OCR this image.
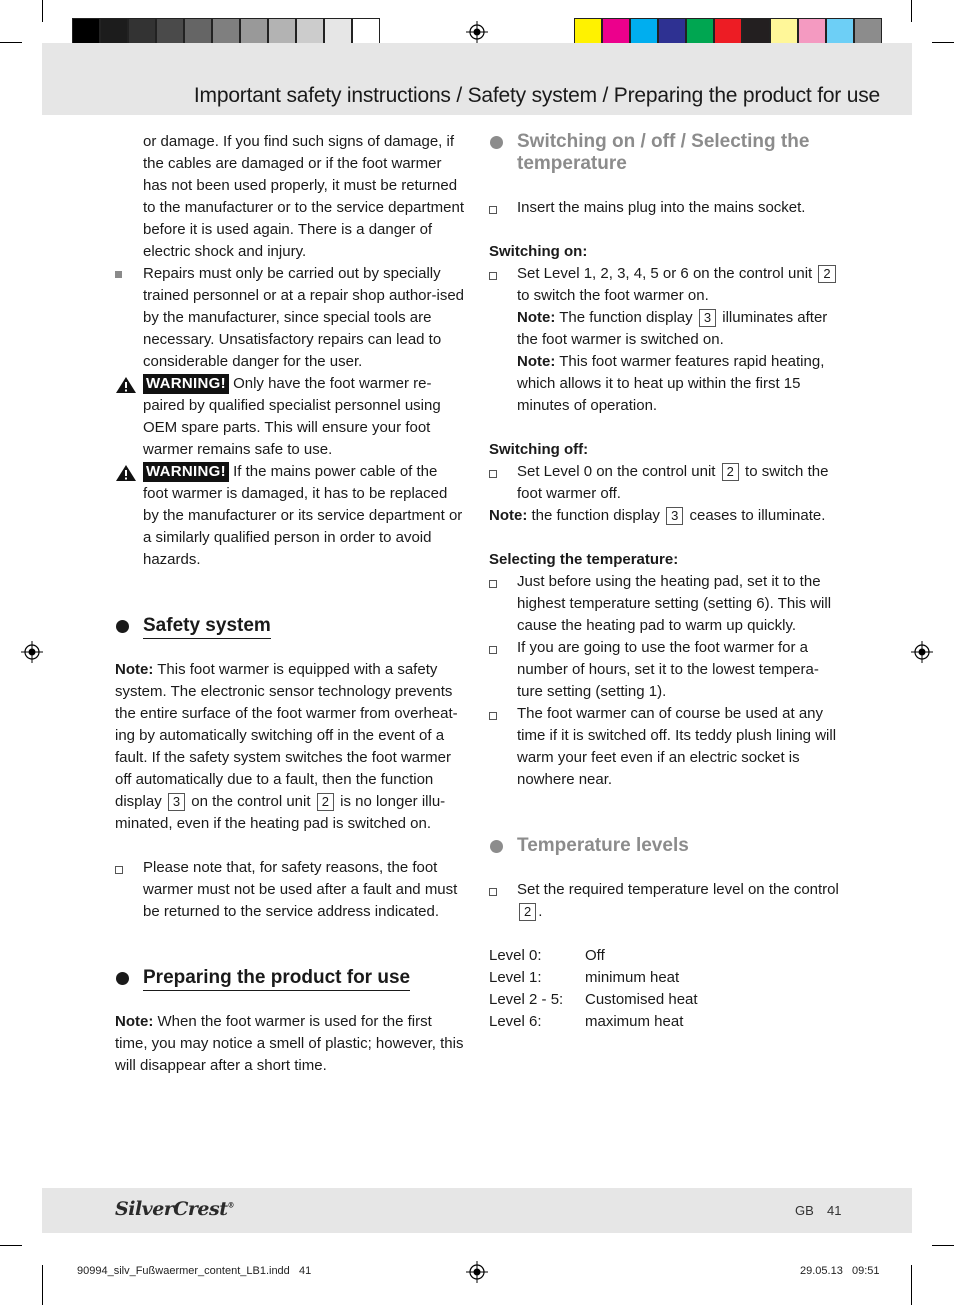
Important safety instructions / Safety system / Preparing the product for use

or damage. If you find such signs of damage, if the cables are damaged or if the foot warmer has not been used properly, it must be returned to the manufacturer or to the service department before it is used again. There is a danger of electric shock and injury.

Repairs must only be carried out by specially trained personnel or at a repair shop author-ised by the manufacturer, since special tools are necessary. Unsatisfactory repairs can lead to considerable danger for the user.
WARNING! Only have the foot warmer re-paired by qualified specialist personnel using OEM spare parts. This will ensure your foot warmer remains safe to use.
WARNING! If the mains power cable of the foot warmer is damaged, it has to be replaced by the manufacturer or its service department or a similarly qualified person in order to avoid hazards.

Safety system

Note: This foot warmer is equipped with a safety system. The electronic sensor technology prevents the entire surface of the foot warmer from overheat-ing by automatically switching off in the event of a fault. If the safety system switches the foot warmer off automatically due to a fault, then the function display 3 on the control unit 2 is no longer illu-minated, even if the heating pad is switched on.

Please note that, for safety reasons, the foot warmer must not be used after a fault and must be returned to the service address indicated.

Preparing the product for use

Note: When the foot warmer is used for the first time, you may notice a smell of plastic; however, this will disappear after a short time.

Switching on / off / Selecting the temperature

Insert the mains plug into the mains socket.

Switching on:

Set Level 1, 2, 3, 4, 5 or 6 on the control unit 2 to switch the foot warmer on.
Note: The function display 3 illuminates after the foot warmer is switched on.
Note: This foot warmer features rapid heating, which allows it to heat up within the first 15 minutes of operation.

Switching off:

Set Level 0 on the control unit 2 to switch the foot warmer off.

Note: the function display 3 ceases to illuminate.

Selecting the temperature:

Just before using the heating pad, set it to the highest temperature setting (setting 6). This will cause the heating pad to warm up quickly.
If you are going to use the foot warmer for a number of hours, set it to the lowest tempera-ture setting (setting 1).
The foot warmer can of course be used at any time if it is switched off. Its teddy plush lining will warm your feet even if an electric socket is nowhere near.

Temperature levels

Set the required temperature level on the control 2 .
Level 0:	Off
Level 1:	minimum heat
Level 2 - 5:	Customised heat
Level 6:	maximum heat
SilverCrest®	GB 41
90994_silv_Fußwaermer_content_LB1.indd   41	29.05.13   09:51
